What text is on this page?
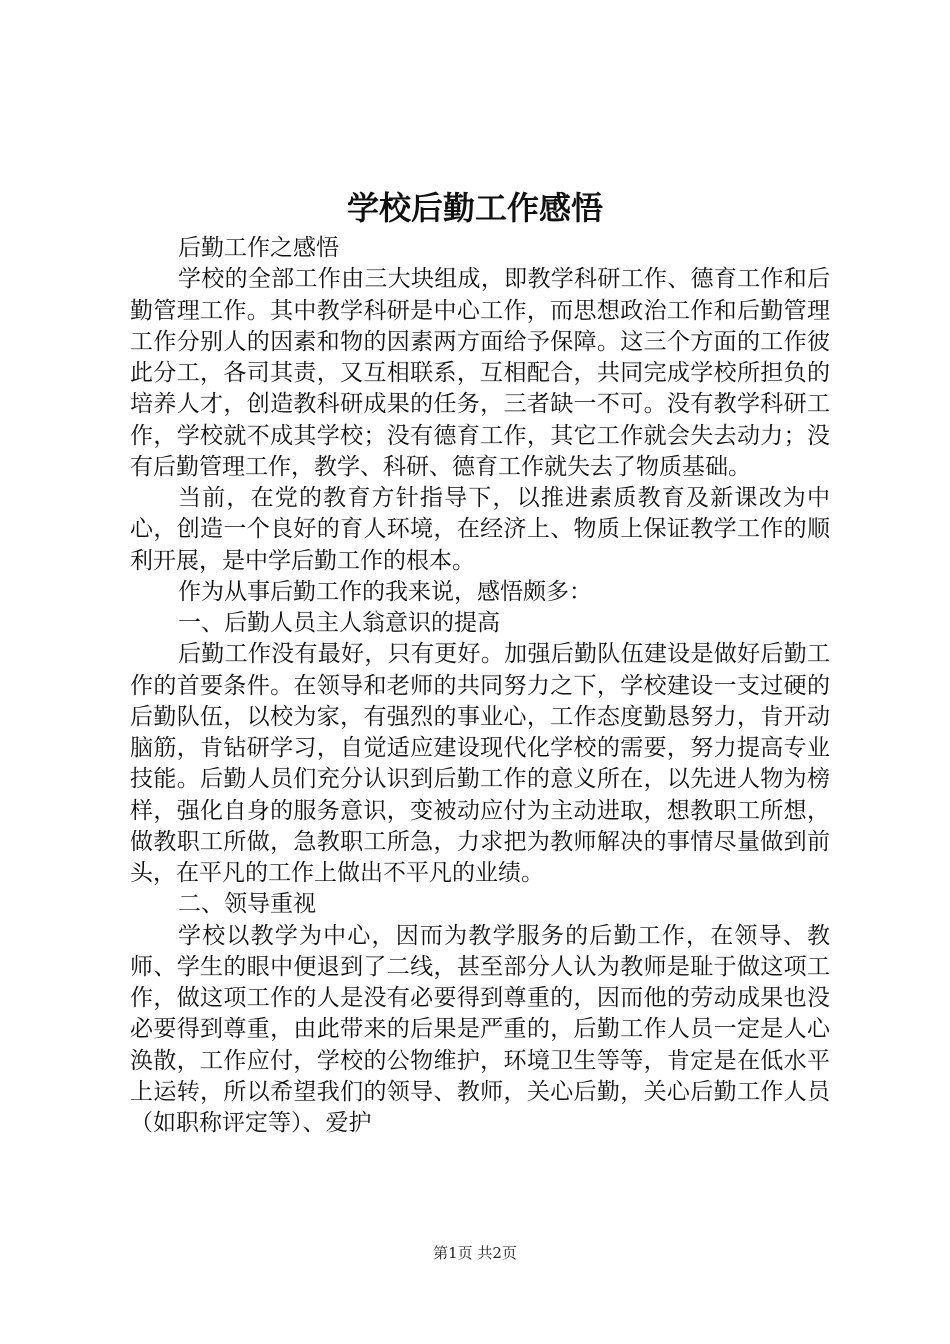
学校后勤工作感悟

后勤工作之感悟

学校的全部工作由三大块组成，即教学科研工作、德育工作和后勤管理工作。其中教学科研是中心工作，而思想政治工作和后勤管理工作分别人的因素和物的因素两方面给予保障。这三个方面的工作彼此分工，各司其责，又互相联系，互相配合，共同完成学校所担负的培养人才，创造教科研成果的任务，三者缺一不可。没有教学科研工作，学校就不成其学校；没有德育工作，其它工作就会失去动力；没有后勤管理工作，教学、科研、德育工作就失去了物质基础。

当前，在党的教育方针指导下，以推进素质教育及新课改为中心，创造一个良好的育人环境，在经济上、物质上保证教学工作的顺利开展，是中学后勤工作的根本。

作为从事后勤工作的我来说，感悟颇多：

一、后勤人员主人翁意识的提高

后勤工作没有最好，只有更好。加强后勤队伍建设是做好后勤工作的首要条件。在领导和老师的共同努力之下，学校建设一支过硬的后勤队伍，以校为家，有强烈的事业心，工作态度勤恳努力，肯开动脑筋，肯钻研学习，自觉适应建设现代化学校的需要，努力提高专业技能。后勤人员们充分认识到后勤工作的意义所在，以先进人物为榜样，强化自身的服务意识，变被动应付为主动进取，想教职工所想，做教职工所做，急教职工所急，力求把为教师解决的事情尽量做到前头，在平凡的工作上做出不平凡的业绩。

二、领导重视

学校以教学为中心，因而为教学服务的后勤工作，在领导、教师、学生的眼中便退到了二线，甚至部分人认为教师是耻于做这项工作，做这项工作的人是没有必要得到尊重的，因而他的劳动成果也没必要得到尊重，由此带来的后果是严重的，后勤工作人员一定是人心涣散，工作应付，学校的公物维护，环境卫生等等，肯定是在低水平上运转，所以希望我们的领导、教师，关心后勤，关心后勤工作人员（如职称评定等）、爱护

第1页 共2页
